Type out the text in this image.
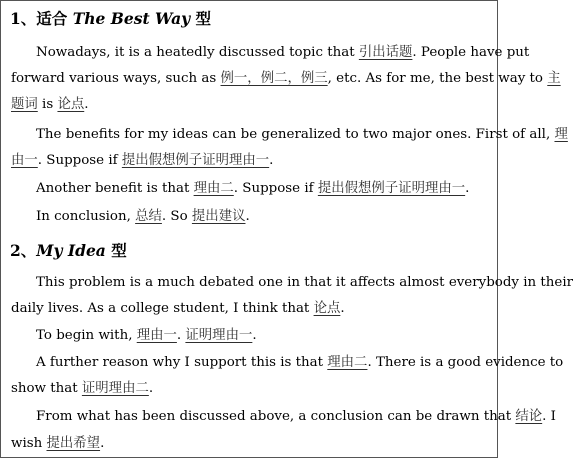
1、适合 The Best Way 型
Nowadays, it is a heatedly discussed topic that 引出话题. People have put
forward various ways, such as 例一，例二，例三, etc. As for me, the best way to 主
题词 is 论点.
The benefits for my ideas can be generalized to two major ones. First of all, 理
由一. Suppose if 提出假想例子证明理由一.
Another benefit is that 理由二. Suppose if 提出假想例子证明理由一.
In conclusion, 总结. So 提出建议.
2、My Idea 型
This problem is a much debated one in that it affects almost everybody in their
daily lives. As a college student, I think that 论点.
To begin with, 理由一. 证明理由一.
A further reason why I support this is that 理由二. There is a good evidence to
show that 证明理由二.
From what has been discussed above, a conclusion can be drawn that 结论. I
wish 提出希望.
